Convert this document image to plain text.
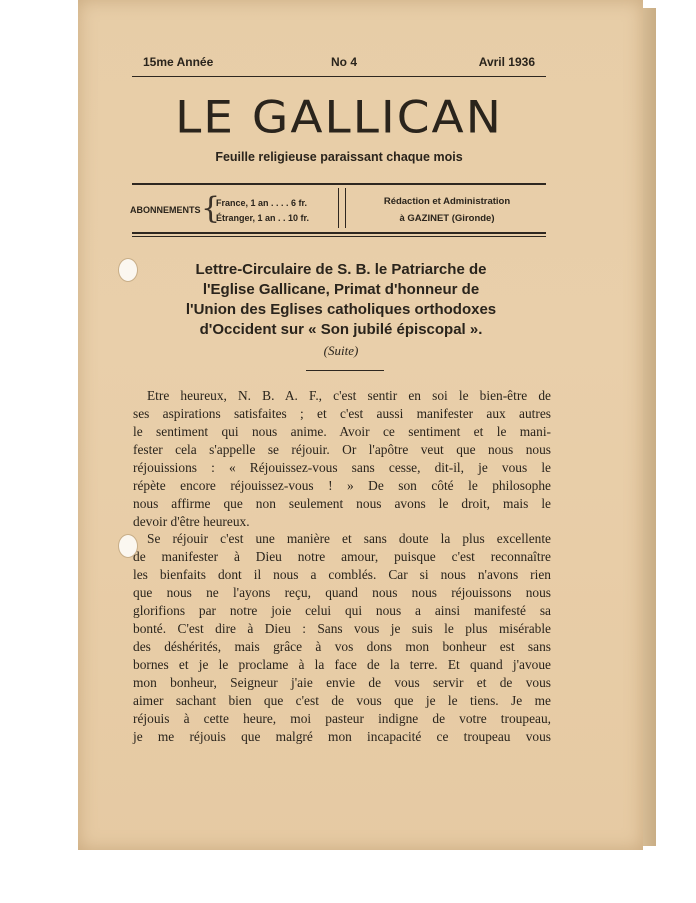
15me Année	No 4	Avril 1936
LE GALLICAN
Feuille religieuse paraissant chaque mois
ABONNEMENTS {
France, 1 an . . . . 6 fr.
Étranger, 1 an . . 10 fr.
Rédaction et Administration
à GAZINET (Gironde)
Lettre-Circulaire de S. B. le Patriarche de
l'Eglise Gallicane, Primat d'honneur de
l'Union des Eglises catholiques orthodoxes
d'Occident sur « Son jubilé épiscopal ».
(Suite)
Etre heureux, N. B. A. F., c'est sentir en soi le bien-être de
ses aspirations satisfaites ; et c'est aussi manifester aux autres
le sentiment qui nous anime. Avoir ce sentiment et le mani-
fester cela s'appelle se réjouir. Or l'apôtre veut que nous nous
réjouissions : « Réjouissez-vous sans cesse, dit-il, je vous le
répète encore réjouissez-vous ! » De son côté le philosophe
nous affirme que non seulement nous avons le droit, mais le
devoir d'être heureux.
Se réjouir c'est une manière et sans doute la plus excellente
de manifester à Dieu notre amour, puisque c'est reconnaître
les bienfaits dont il nous a comblés. Car si nous n'avons rien
que nous ne l'ayons reçu, quand nous nous réjouissons nous
glorifions par notre joie celui qui nous a ainsi manifesté sa
bonté. C'est dire à Dieu : Sans vous je suis le plus misérable
des déshérités, mais grâce à vos dons mon bonheur est sans
bornes et je le proclame à la face de la terre. Et quand j'avoue
mon bonheur, Seigneur j'aie envie de vous servir et de vous
aimer sachant bien que c'est de vous que je le tiens. Je me
réjouis à cette heure, moi pasteur indigne de votre troupeau,
je me réjouis que malgré mon incapacité ce troupeau vous
